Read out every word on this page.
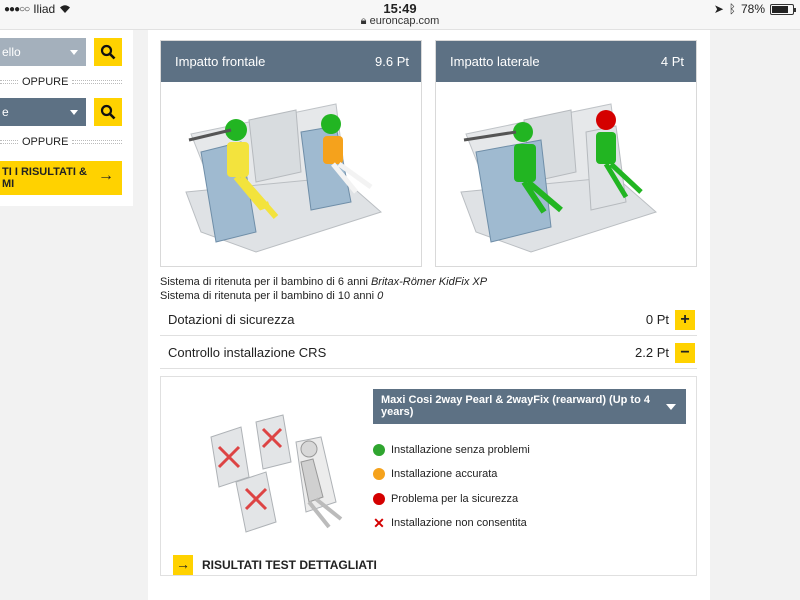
●●●○○ Iliad	15:49
🔒︎ euroncap.com
➤ ᛒ 78%
ello
OPPURE
e
OPPURE
TI I RISULTATI &
MI	→
Impatto frontale	9.6 Pt	Impatto laterale	4 Pt
Sistema di ritenuta per il bambino di 6 anni Britax-Römer KidFix XP
Sistema di ritenuta per il bambino di 10 anni 0
Dotazioni di sicurezza	0 Pt +
Controllo installazione CRS	2.2 Pt −
Maxi Cosi 2way Pearl & 2wayFix (rearward) (Up to 4 years)
Installazione senza problemi
Installazione accurata
Problema per la sicurezza
✕ Installazione non consentita
→ RISULTATI TEST DETTAGLIATI
